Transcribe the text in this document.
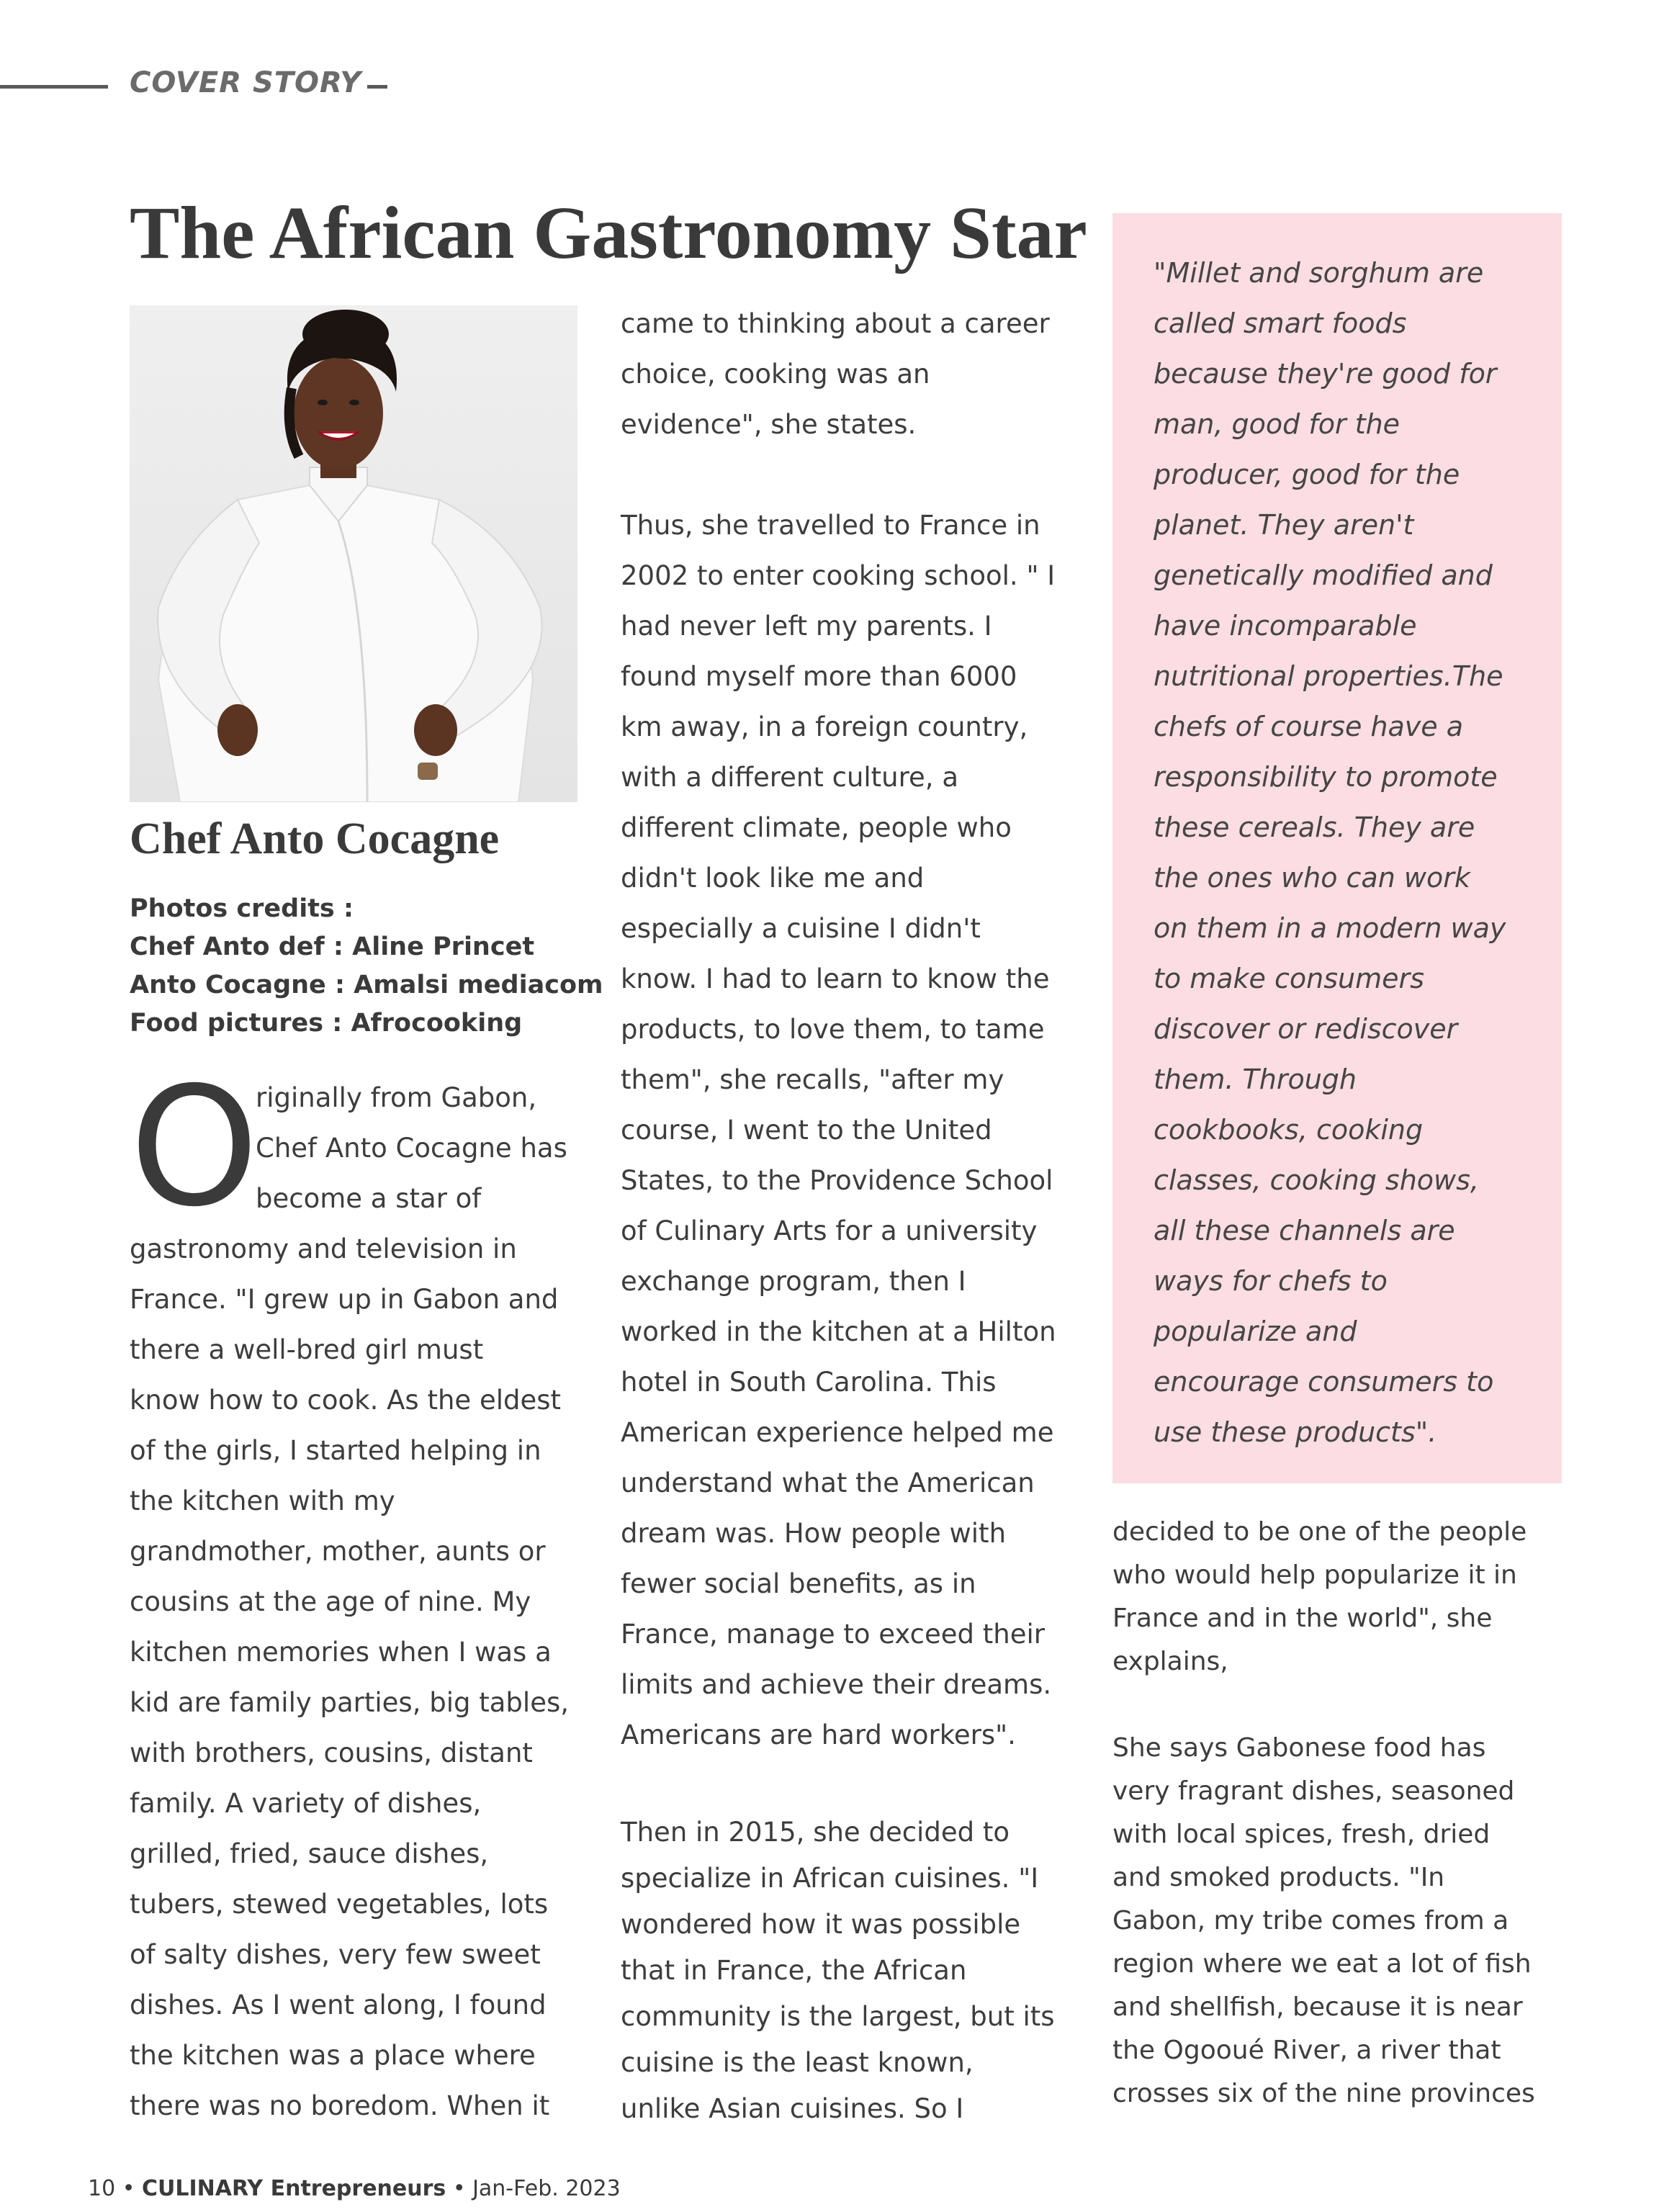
COVER STORY

The African Gastronomy Star
Chef Anto Cocagne
Photos credits :
Chef Anto def : Aline Princet
Anto Cocagne : Amalsi mediacom
Food pictures : Afrocooking

O

riginally from Gabon,
Chef Anto Cocagne has
become a star of
gastronomy and television in
France. "I grew up in Gabon and
there a well-bred girl must
know how to cook. As the eldest
of the girls, I started helping in
the kitchen with my
grandmother, mother, aunts or
cousins at the age of nine. My
kitchen memories when I was a
kid are family parties, big tables,
with brothers, cousins, distant
family. A variety of dishes,
grilled, fried, sauce dishes,
tubers, stewed vegetables, lots
of salty dishes, very few sweet
dishes. As I went along, I found
the kitchen was a place where
there was no boredom. When it
came to thinking about a career
choice, cooking was an
evidence", she states.
Thus, she travelled to France in
2002 to enter cooking school. " I
had never left my parents. I
found myself more than 6000
km away, in a foreign country,
with a different culture, a
different climate, people who
didn't look like me and
especially a cuisine I didn't
know. I had to learn to know the
products, to love them, to tame
them", she recalls, "after my
course, I went to the United
States, to the Providence School
of Culinary Arts for a university
exchange program, then I
worked in the kitchen at a Hilton
hotel in South Carolina. This
American experience helped me
understand what the American
dream was. How people with
fewer social benefits, as in
France, manage to exceed their
limits and achieve their dreams.
Americans are hard workers".
Then in 2015, she decided to
specialize in African cuisines. "I
wondered how it was possible
that in France, the African
community is the largest, but its
cuisine is the least known,
unlike Asian cuisines. So I
"Millet and sorghum are
called smart foods
because they're good for
man, good for the
producer, good for the
planet. They aren't
genetically modified and
have incomparable
nutritional properties.The
chefs of course have a
responsibility to promote
these cereals. They are
the ones who can work
on them in a modern way
to make consumers
discover or rediscover
them. Through
cookbooks, cooking
classes, cooking shows,
all these channels are
ways for chefs to
popularize and
encourage consumers to
use these products".
decided to be one of the people
who would help popularize it in
France and in the world", she
explains,
She says Gabonese food has
very fragrant dishes, seasoned
with local spices, fresh, dried
and smoked products. "In
Gabon, my tribe comes from a
region where we eat a lot of fish
and shellfish, because it is near
the Ogooué River, a river that
crosses six of the nine provinces
10 • CULINARY Entrepreneurs • Jan-Feb. 2023
